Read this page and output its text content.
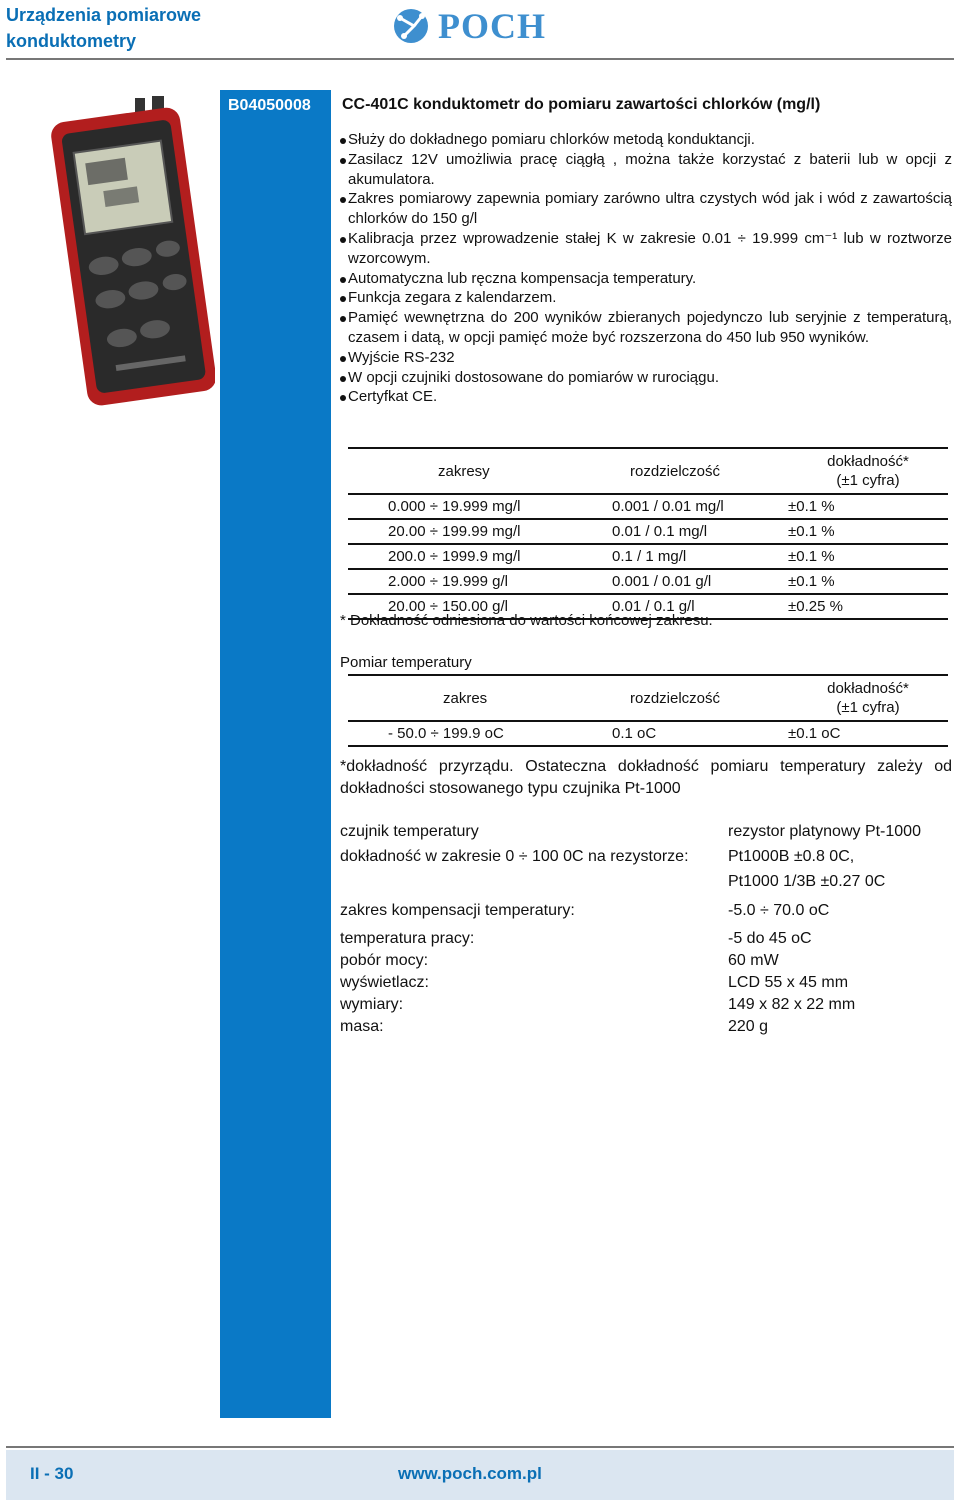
Urządzenia pomiarowe
konduktometry	POCH
B04050008 CC-401C konduktometr do pomiaru zawartości chlorków (mg/l)
Służy do dokładnego pomiaru chlorków metodą konduktancji.
Zasilacz 12V umożliwia pracę ciągłą , można także korzystać z baterii lub w opcji z akumulatora.
Zakres pomiarowy zapewnia pomiary zarówno ultra czystych wód jak i wód z zawartością chlorków do 150 g/l
Kalibracja przez wprowadzenie stałej K w zakresie 0.01 ÷ 19.999 cm⁻¹ lub w roztworze wzorcowym.
Automatyczna lub ręczna kompensacja temperatury.
Funkcja zegara z kalendarzem.
Pamięć wewnętrzna do 200 wyników zbieranych pojedynczo lub seryjnie z temperaturą, czasem i datą, w opcji pamięć może być rozszerzona do 450 lub 950 wyników.
Wyjście RS-232
W opcji czujniki dostosowane do pomiarów w rurociągu.
Certyfkat CE.
zakresy	rozdzielczość	dokładność*
(±1 cyfra)

0.000 ÷ 19.999 mg/l	0.001 / 0.01 mg/l	±0.1 %
20.00 ÷ 199.99 mg/l	0.01 / 0.1 mg/l	±0.1 %
200.0 ÷ 1999.9 mg/l	0.1 / 1 mg/l	±0.1 %
2.000 ÷ 19.999 g/l	0.001 / 0.01 g/l	±0.1 %
20.00 ÷ 150.00 g/l	0.01 / 0.1 g/l	±0.25 %
* Dokładność odniesiona do wartości końcowej zakresu.
Pomiar temperatury
zakres	rozdzielczość	dokładność*
(±1 cyfra)

- 50.0 ÷ 199.9 oC	0.1 oC	±0.1 oC
*dokładność przyrządu. Ostateczna dokładność pomiaru temperatury zależy od dokładności stosowanego typu czujnika Pt-1000
czujnik temperatury	rezystor platynowy Pt-1000
dokładność w zakresie 0 ÷ 100 0C na rezystorze: Pt1000B ±0.8 0C,
Pt1000 1/3B ±0.27 0C
zakres kompensacji temperatury:	-5.0 ÷ 70.0 oC
temperatura pracy:	-5 do 45 oC
pobór mocy:	60 mW
wyświetlacz:	LCD 55 x 45 mm
wymiary:	149 x 82 x 22 mm
masa:	220 g
II - 30	www.poch.com.pl
